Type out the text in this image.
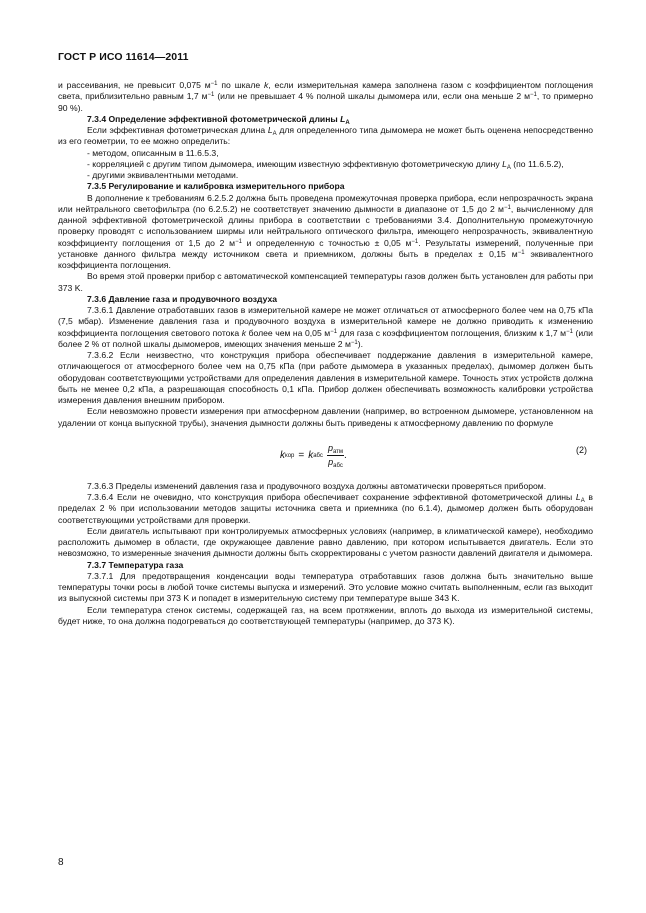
ГОСТ Р ИСО 11614—2011

и рассеивания, не превысит 0,075 $м^{-1}$ по шкале k, если измерительная камера заполнена газом с коэффициентом поглощения света, приблизительно равным 1,7 $м^{-1}$ (или не превышает 4 % полной шкалы дымомера или, если она меньше 2 $м^{-1}$, то примерно 90 %).

7.3.4 Определение эффективной фотометрической длины $L_A$

Если эффективная фотометрическая длина $L_A$ для определенного типа дымомера не может быть оценена непосредственно из его геометрии, то ее можно определить:

- методом, описанным в 11.6.5.3,

- корреляцией с другим типом дымомера, имеющим известную эффективную фотометрическую длину $L_A$ (по 11.6.5.2),

- другими эквивалентными методами.

7.3.5 Регулирование и калибровка измерительного прибора

В дополнение к требованиям 6.2.5.2 должна быть проведена промежуточная проверка прибора, если непрозрачность экрана или нейтрального светофильтра (по 6.2.5.2) не соответствует значению дымности в диапазоне от 1,5 до 2 $м^{-1}$, вычисленному для данной эффективной фотометрической длины прибора в соответствии с требованиями 3.4. Дополнительную промежуточную проверку проводят с использованием ширмы или нейтрального оптического фильтра, имеющего непрозрачность, эквивалентную коэффициенту поглощения от 1,5 до 2 $м^{-1}$ и определенную с точностью ± 0,05 $м^{-1}$. Результаты измерений, полученные при установке данного фильтра между источником света и приемником, должны быть в пределах ± 0,15 $м^{-1}$ эквивалентного коэффициента поглощения.

Во время этой проверки прибор с автоматической компенсацией температуры газов должен быть установлен для работы при 373 K.

7.3.6 Давление газа и продувочного воздуха

7.3.6.1 Давление отработавших газов в измерительной камере не может отличаться от атмосферного более чем на 0,75 кПа (7,5 мбар). Изменение давления газа и продувочного воздуха в измерительной камере не должно приводить к изменению коэффициента поглощения светового потока k более чем на 0,05 $м^{-1}$ для газа с коэффициентом поглощения, близким к 1,7 $м^{-1}$ (или более 2 % от полной шкалы дымомеров, имеющих значения меньше 2 $м^{-1}$).

7.3.6.2 Если неизвестно, что конструкция прибора обеспечивает поддержание давления в измерительной камере, отличающегося от атмосферного более чем на 0,75 кПа (при работе дымомера в указанных пределах), дымомер должен быть оборудован соответствующими устройствами для определения давления в измерительной камере. Точность этих устройств должна быть не менее 0,2 кПа, а разрешающая способность 0,1 кПа. Прибор должен обеспечивать возможность калибровки устройства измерения давления внешним прибором.

Если невозможно провести измерения при атмосферном давлении (например, во встроенном дымомере, установленном на удалении от конца выпускной трубы), значения дымности должны быть приведены к атмосферному давлению по формуле

k кор = k абс $\frac{p_{атм}}{p_{абс}}$ .
(2)

7.3.6.3 Пределы изменений давления газа и продувочного воздуха должны автоматически проверяться прибором.

7.3.6.4 Если не очевидно, что конструкция прибора обеспечивает сохранение эффективной фотометрической длины $L_A$ в пределах 2 % при использовании методов защиты источника света и приемника (по 6.1.4), дымомер должен быть оборудован соответствующими устройствами для проверки.

Если двигатель испытывают при контролируемых атмосферных условиях (например, в климатической камере), необходимо расположить дымомер в области, где окружающее давление равно давлению, при котором испытывается двигатель. Если это невозможно, то измеренные значения дымности должны быть скорректированы с учетом разности давлений двигателя и дымомера.

7.3.7 Температура газа

7.3.7.1 Для предотвращения конденсации воды температура отработавших газов должна быть значительно выше температуры точки росы в любой точке системы выпуска и измерений. Это условие можно считать выполненным, если газ выходит из выпускной системы при 373 K и попадет в измерительную систему при температуре выше 343 K.

Если температура стенок системы, содержащей газ, на всем протяжении, вплоть до выхода из измерительной системы, будет ниже, то она должна подогреваться до соответствующей температуры (например, до 373 K).

8
